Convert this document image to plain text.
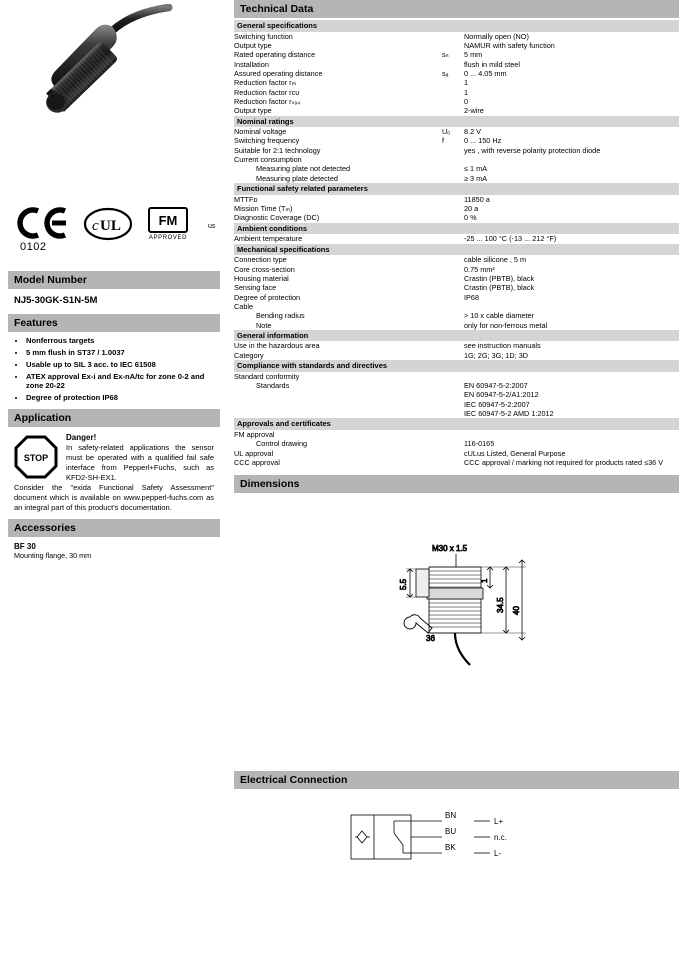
0102
c UL	us
FM
APPROVED
Model Number
NJ5-30GK-S1N-5M
Features
• Nonferrous targets
• 5 mm flush in ST37 / 1.0037
• Usable up to SIL 3 acc. to IEC 61508
• ATEX approval Ex-i and Ex-nA/tc for zone 0-2 and zone 20-22
• Degree of protection IP68
Application
STOP
Danger!
In safety-related applications the sensor must be operated with a qualified fail safe interface from Pepperl+Fuchs, such as KFD2-SH-EX1.
Consider the "exida Functional Safety Assessment" document which is available on www.pepperl-fuchs.com as an integral part of this product's documentation.
Accessories
BF 30
Mounting flange, 30 mm
Technical Data
General specifications		
Switching function		Normally open (NO)
Output type		NAMUR with safety function
Rated operating distance	sₙ	5 mm
Installation		flush in mild steel
Assured operating distance	sₐ	0 ... 4.05 mm
Reduction factor rₘ		1
Reduction factor rᴄᴜ		1
Reduction factor rₛ₉₄		0
Output type		2-wire
Nominal ratings		
Nominal voltage	Uₒ	8.2 V
Switching frequency	f	0 ... 150 Hz
Suitable for 2:1 technology		yes , with reverse polarity protection diode
Current consumption		
Measuring plate not detected		≤ 1 mA
Measuring plate detected		≥ 3 mA
Functional safety related parameters		
MTTFᴅ		11850 a
Mission Time (Tₘ)		20 a
Diagnostic Coverage (DC)		0 %
Ambient conditions		
Ambient temperature		-25 ... 100 °C (-13 ... 212 °F)
Mechanical specifications		
Connection type		cable silicone , 5 m
Core cross-section		0.75 mm²
Housing material		Crastin (PBTB), black
Sensing face		Crastin (PBTB), black
Degree of protection		IP68
Cable		
Bending radius		> 10 x cable diameter
Note		only for non-ferrous metal
General information		
Use in the hazardous area		see instruction manuals
Category		1G; 2G; 3G; 1D; 3D
Compliance with standards and directives		
Standard conformity		
Standards		EN 60947-5-2:2007
EN 60947-5-2/A1:2012
IEC 60947-5-2:2007
IEC 60947-5-2 AMD 1:2012
Approvals and certificates		
FM approval		
Control drawing		116-0165
UL approval		cULus Listed, General Purpose
CCC approval		CCC approval / marking not required for products rated ≤36 V
Dimensions
M30 x 1.5
5.5	1
34.5 40
36
Electrical Connection
BN
BU
BK
L+
n.c.
L-
